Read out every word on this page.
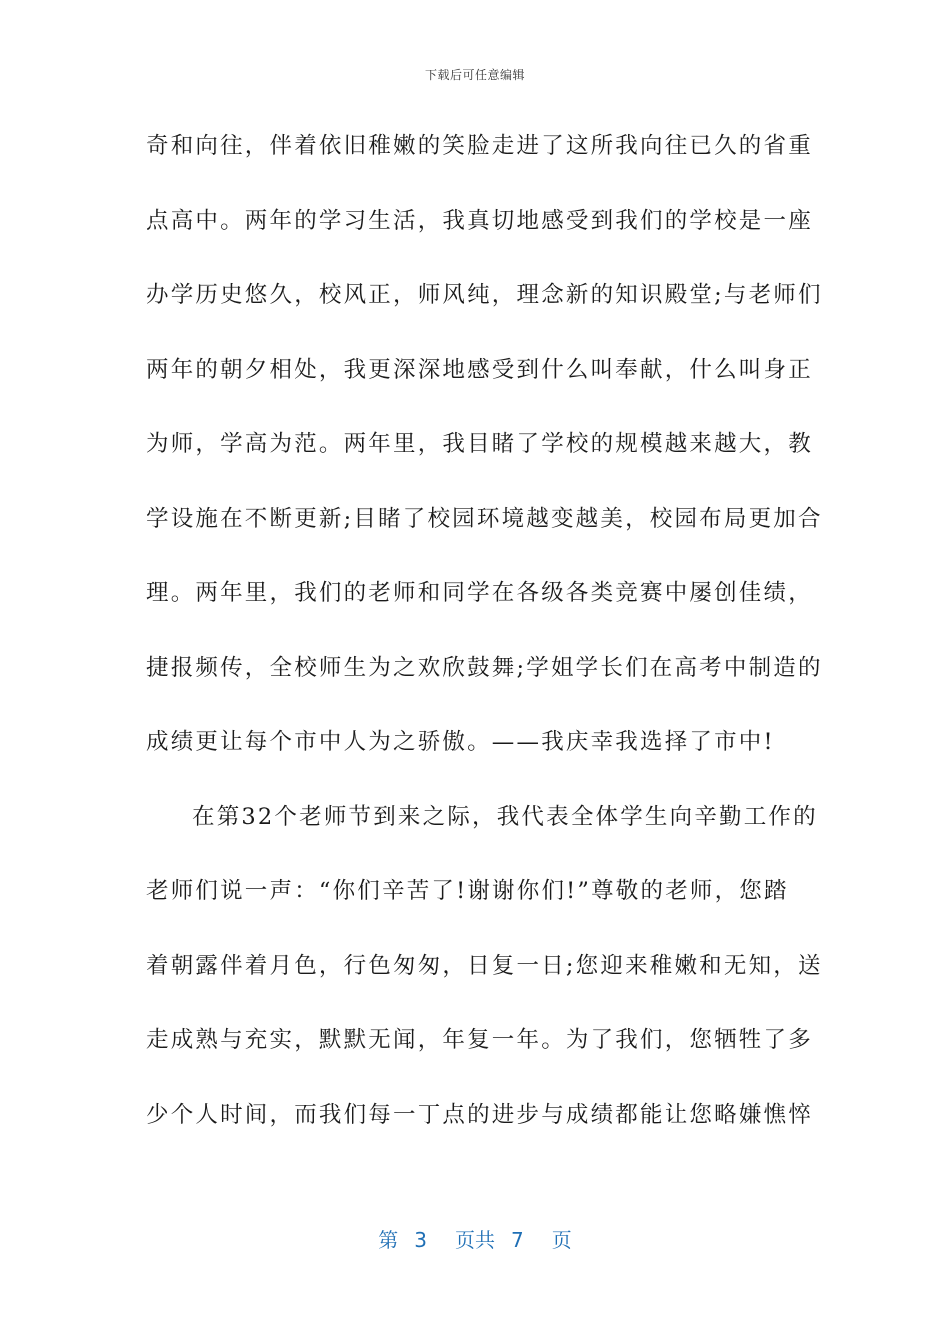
下载后可任意编辑
奇和向往，伴着依旧稚嫩的笑脸走进了这所我向往已久的省重
点高中。两年的学习生活，我真切地感受到我们的学校是一座
办学历史悠久，校风正，师风纯，理念新的知识殿堂;与老师们
两年的朝夕相处，我更深深地感受到什么叫奉献，什么叫身正
为师，学高为范。两年里，我目睹了学校的规模越来越大，教
学设施在不断更新;目睹了校园环境越变越美，校园布局更加合
理。两年里，我们的老师和同学在各级各类竞赛中屡创佳绩，
捷报频传，全校师生为之欢欣鼓舞;学姐学长们在高考中制造的
成绩更让每个市中人为之骄傲。——我庆幸我选择了市中!
在第32个老师节到来之际，我代表全体学生向辛勤工作的
老师们说一声：“你们辛苦了!谢谢你们!”尊敬的老师，您踏
着朝露伴着月色，行色匆匆，日复一日;您迎来稚嫩和无知，送
走成熟与充实，默默无闻，年复一年。为了我们，您牺牲了多
少个人时间，而我们每一丁点的进步与成绩都能让您略嫌憔悴
第 3 页共 7 页
